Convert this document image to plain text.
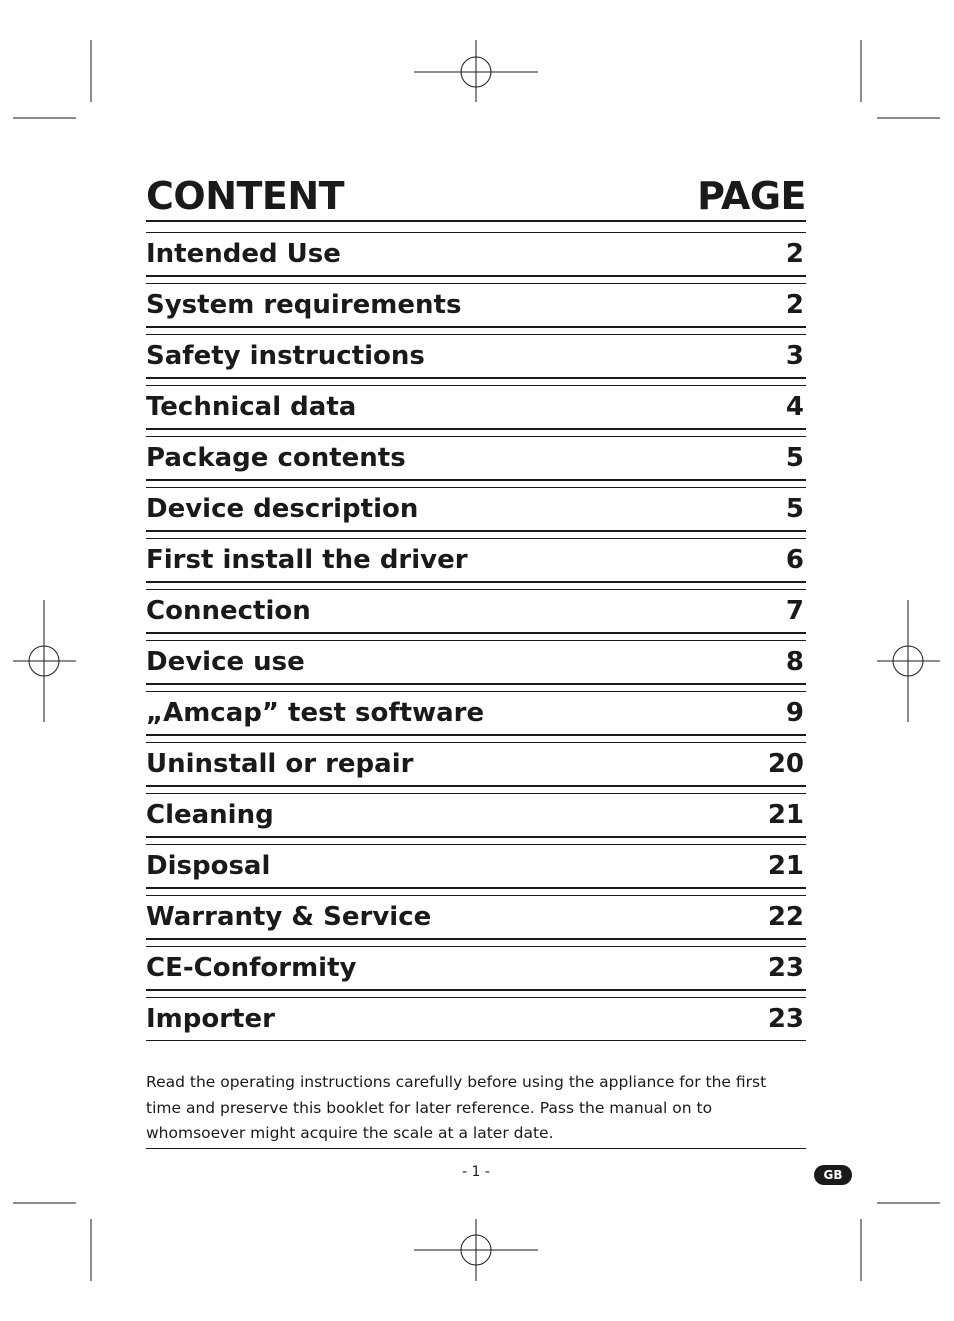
CONTENT	PAGE
Intended Use	2
System requirements	2
Safety instructions	3
Technical data	4
Package contents	5
Device description	5
First install the driver	6
Connection	7
Device use	8
„Amcap” test software	9
Uninstall or repair	20
Cleaning	21
Disposal	21
Warranty & Service	22
CE-Conformity	23
Importer	23
Read the operating instructions carefully before using the appliance for the first time and preserve this booklet for later reference. Pass the manual on to whomsoever might acquire the scale at a later date.
- 1 -	GB
